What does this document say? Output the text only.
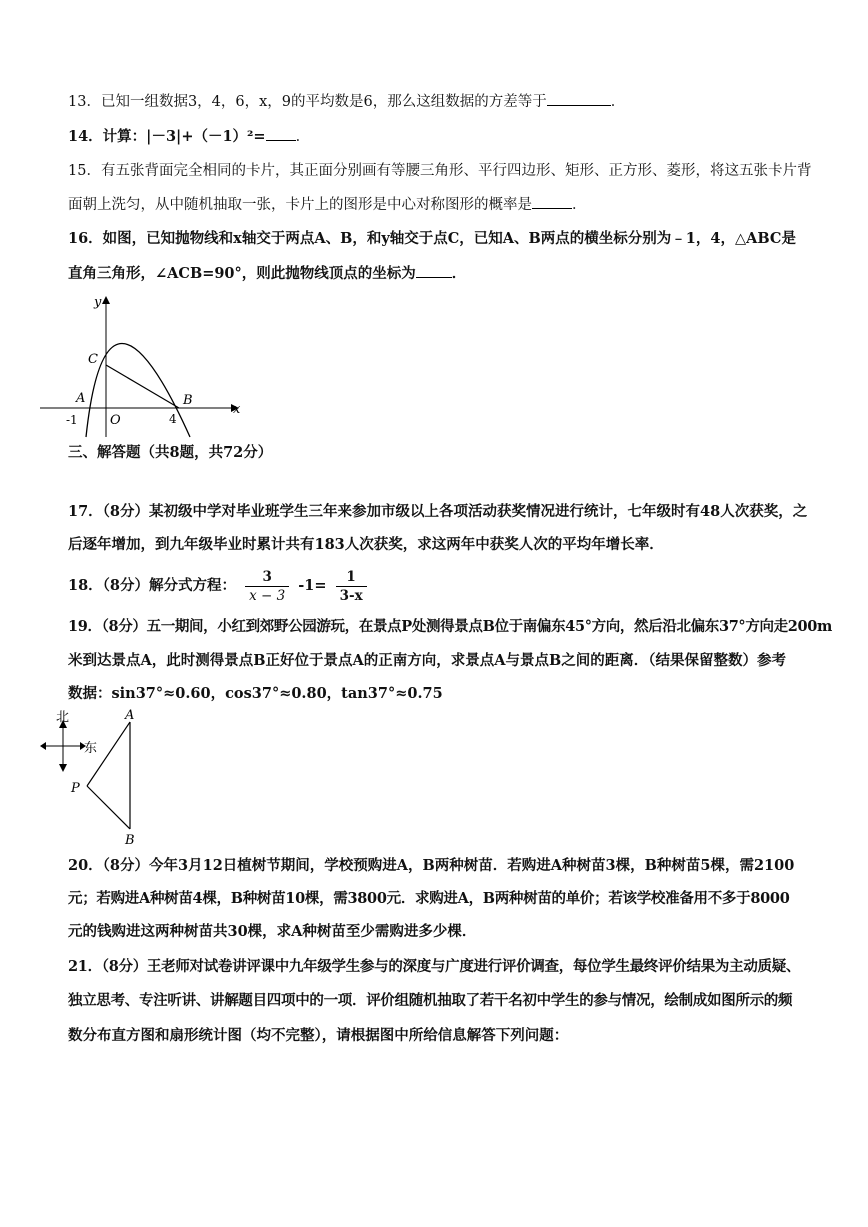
13．已知一组数据3，4，6，x，9的平均数是6，那么这组数据的方差等于	．
14．计算：|－3|+（－1）²= ．
15．有五张背面完全相同的卡片，其正面分别画有等腰三角形、平行四边形、矩形、正方形、菱形，将这五张卡片背
面朝上洗匀，从中随机抽取一张，卡片上的图形是中心对称图形的概率是	．
16．如图，已知抛物线和x轴交于两点A、B，和y轴交于点C，已知A、B两点的横坐标分别为﹣1，4，△ABC是
直角三角形，∠ACB=90°，则此抛物线顶点的坐标为 ．
y
x
C
A	B
O
-1	4
三、解答题（共8题，共72分）
17．（8分）某初级中学对毕业班学生三年来参加市级以上各项活动获奖情况进行统计，七年级时有48人次获奖，之
后逐年增加，到九年级毕业时累计共有183人次获奖，求这两年中获奖人次的平均年增长率．
18．（8分）解分式方程： $\frac{3}{x - 3} -1= \frac{1}{3-x}$
19．（8分）五一期间，小红到郊野公园游玩，在景点P处测得景点B位于南偏东45°方向，然后沿北偏东37°方向走200m
米到达景点A，此时测得景点B正好位于景点A的正南方向，求景点A与景点B之间的距离．（结果保留整数）参考
数据：sin37°≈0.60，cos37°≈0.80，tan37°≈0.75
北
东
A
P
B
20．（8分）今年3月12日植树节期间，学校预购进A，B两种树苗．若购进A种树苗3棵，B种树苗5棵，需2100
元；若购进A种树苗4棵，B种树苗10棵，需3800元．求购进A，B两种树苗的单价；若该学校准备用不多于8000
元的钱购进这两种树苗共30棵，求A种树苗至少需购进多少棵．
21．（8分）王老师对试卷讲评课中九年级学生参与的深度与广度进行评价调查，每位学生最终评价结果为主动质疑、
独立思考、专注听讲、讲解题目四项中的一项．评价组随机抽取了若干名初中学生的参与情况，绘制成如图所示的频
数分布直方图和扇形统计图（均不完整），请根据图中所给信息解答下列问题：
